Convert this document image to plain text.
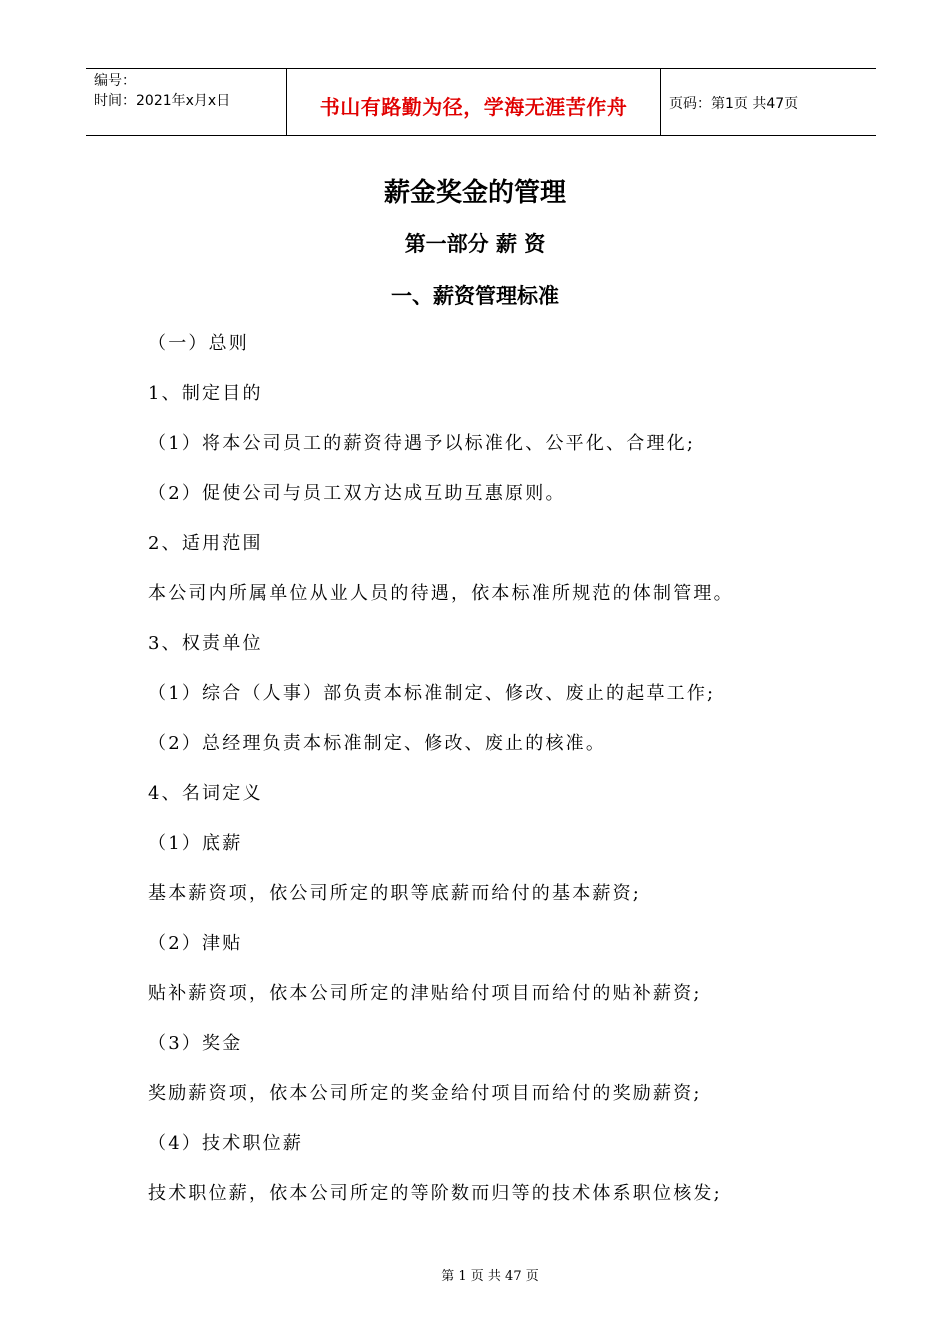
编号：
时间：2021年x月x日	书山有路勤为径，学海无涯苦作舟	页码：第1页 共47页
薪金奖金的管理
第一部分 薪 资
一、薪资管理标准
（一）总则
1、制定目的
（1）将本公司员工的薪资待遇予以标准化、公平化、合理化;
（2）促使公司与员工双方达成互助互惠原则。
2、适用范围
本公司内所属单位从业人员的待遇，依本标准所规范的体制管理。
3、权责单位
（1）综合（人事）部负责本标准制定、修改、废止的起草工作;
（2）总经理负责本标准制定、修改、废止的核准。
4、名词定义
（1）底薪
基本薪资项，依公司所定的职等底薪而给付的基本薪资;
（2）津贴
贴补薪资项，依本公司所定的津贴给付项目而给付的贴补薪资;
（3）奖金
奖励薪资项，依本公司所定的奖金给付项目而给付的奖励薪资;
（4）技术职位薪
技术职位薪，依本公司所定的等阶数而归等的技术体系职位核发;
第 1 页 共 47 页
